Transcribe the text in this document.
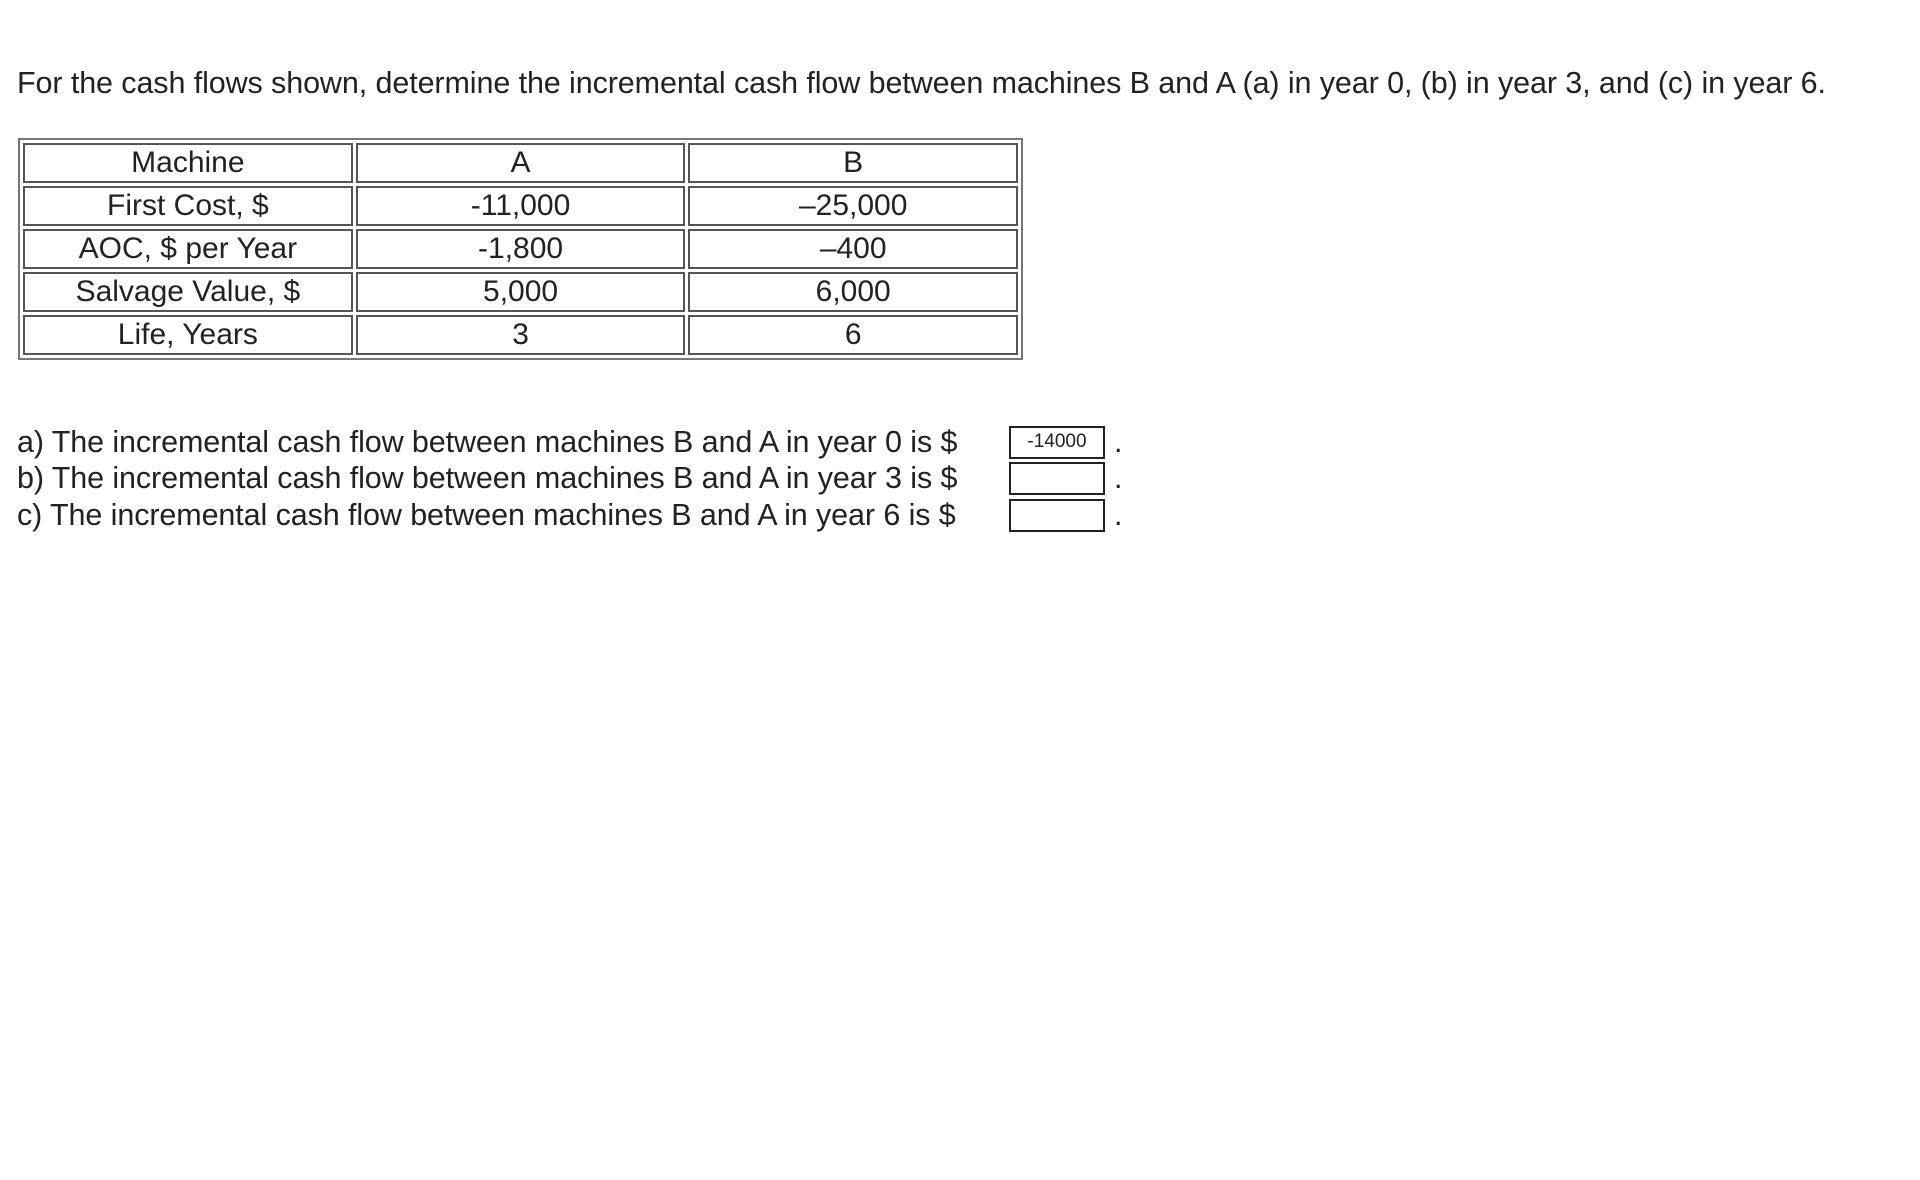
For the cash flows shown, determine the incremental cash flow between machines B and A (a) in year 0, (b) in year 3, and (c) in year 6.
Machine	A	B
First Cost, $	-11,000	–25,000
AOC, $ per Year	-1,800	–400
Salvage Value, $	5,000	6,000
Life, Years	3	6
a) The incremental cash flow between machines B and A in year 0 is $
-14000	.
b) The incremental cash flow between machines B and A in year 3 is $	.
c) The incremental cash flow between machines B and A in year 6 is $	.
